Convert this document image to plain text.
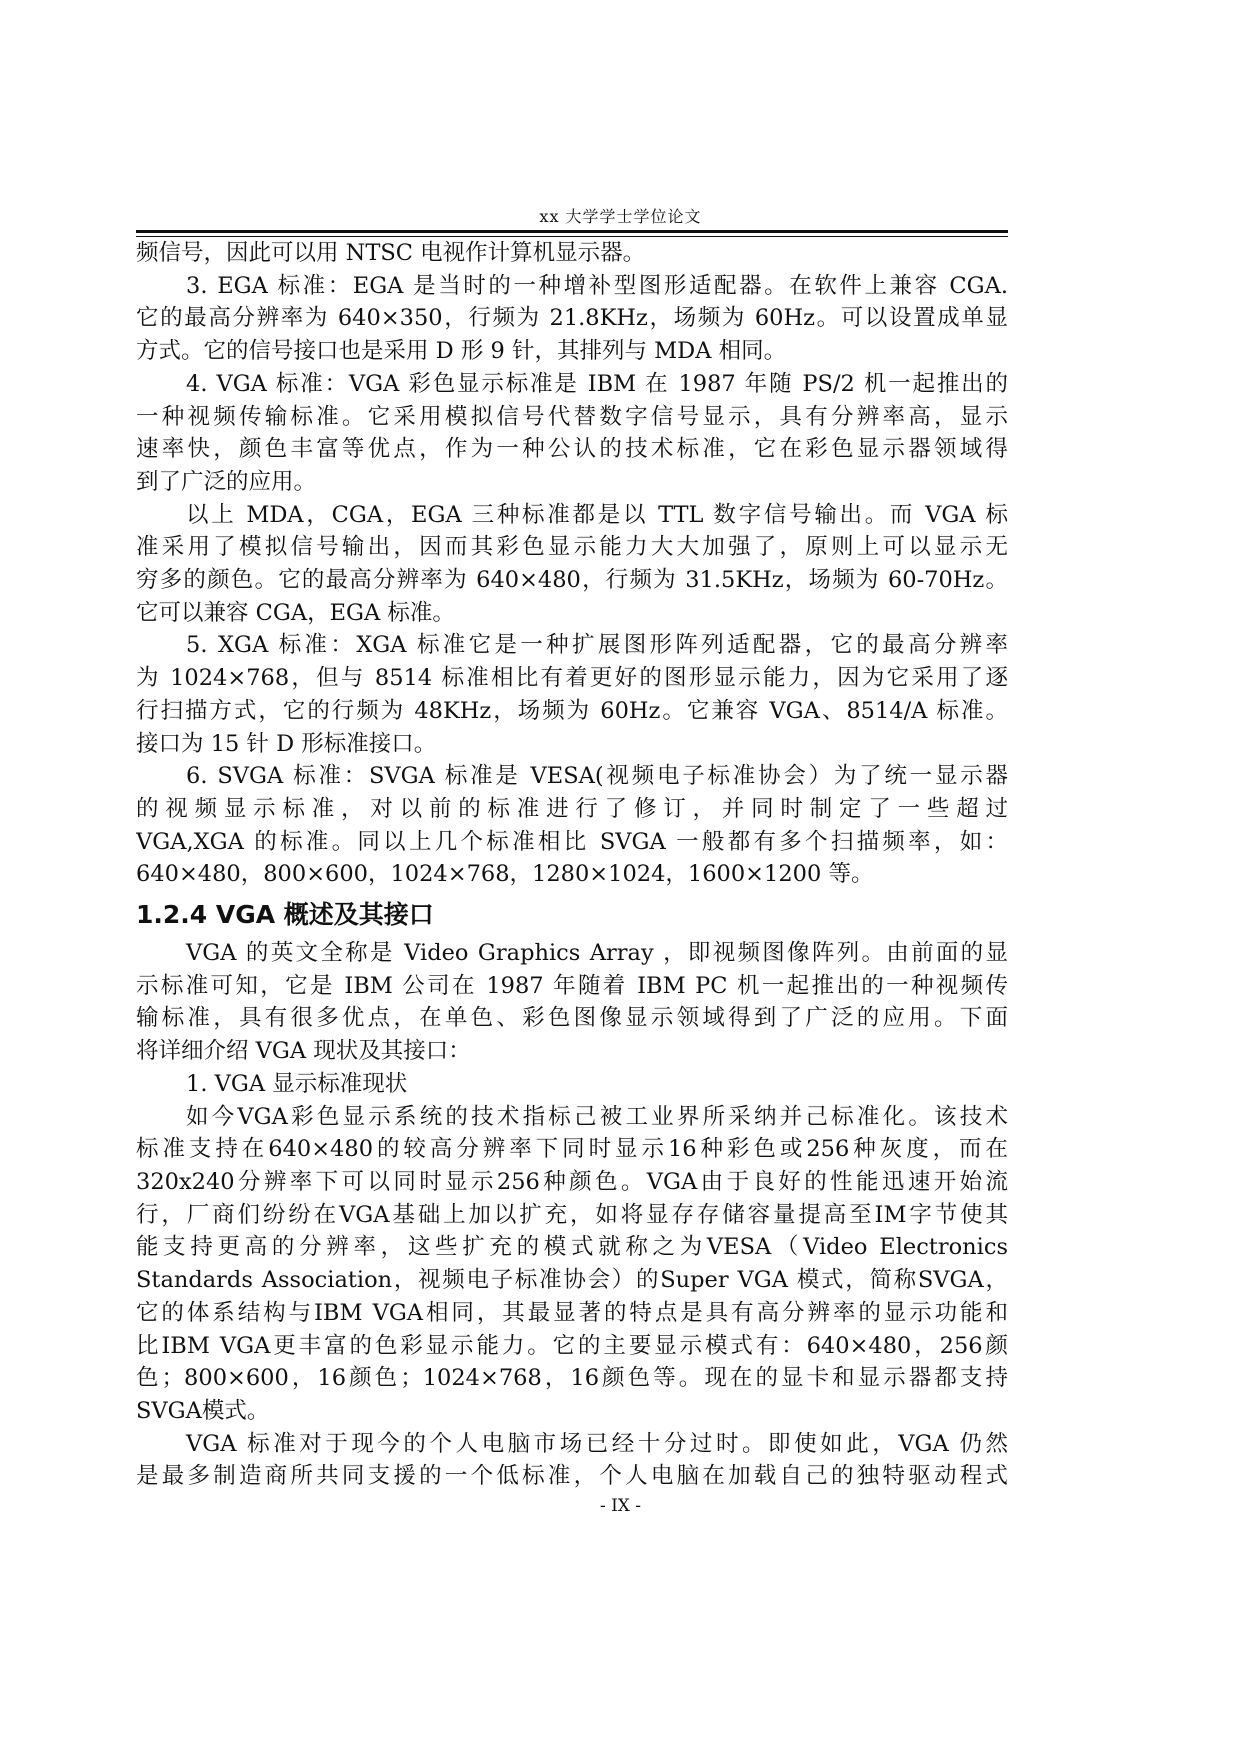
xx 大学学士学位论文
频信号，因此可以用 NTSC 电视作计算机显示器。
3. EGA 标准：EGA 是当时的一种增补型图形适配器。在软件上兼容 CGA.
它的最高分辨率为 640×350，行频为 21.8KHz，场频为 60Hz。可以设置成单显
方式。它的信号接口也是采用 D 形 9 针，其排列与 MDA 相同。
4. VGA 标准：VGA 彩色显示标准是 IBM 在 1987 年随 PS/2 机一起推出的
一种视频传输标准。它采用模拟信号代替数字信号显示，具有分辨率高，显示
速率快，颜色丰富等优点，作为一种公认的技术标准，它在彩色显示器领域得
到了广泛的应用。
以上 MDA，CGA，EGA 三种标准都是以 TTL 数字信号输出。而 VGA 标
准采用了模拟信号输出，因而其彩色显示能力大大加强了，原则上可以显示无
穷多的颜色。它的最高分辨率为 640×480，行频为 31.5KHz，场频为 60-70Hz。
它可以兼容 CGA，EGA 标准。
5. XGA 标准：XGA 标准它是一种扩展图形阵列适配器，它的最高分辨率
为 1024×768，但与 8514 标准相比有着更好的图形显示能力，因为它采用了逐
行扫描方式，它的行频为 48KHz，场频为 60Hz。它兼容 VGA、8514/A 标准。
接口为 15 针 D 形标准接口。
6. SVGA 标准：SVGA 标准是 VESA(视频电子标准协会）为了统一显示器
的视频显示标准，对以前的标准进行了修订，并同时制定了一些超过
VGA,XGA 的标准。同以上几个标准相比 SVGA 一般都有多个扫描频率，如：
640×480，800×600，1024×768，1280×1024，1600×1200 等。
1.2.4 VGA 概述及其接口
VGA 的英文全称是 Video Graphics Array ，即视频图像阵列。由前面的显
示标准可知，它是 IBM 公司在 1987 年随着 IBM PC 机一起推出的一种视频传
输标准，具有很多优点，在单色、彩色图像显示领域得到了广泛的应用。下面
将详细介绍 VGA 现状及其接口：
1. VGA 显示标准现状
如今VGA彩色显示系统的技术指标己被工业界所采纳并己标准化。该技术
标准支持在640×480的较高分辨率下同时显示16种彩色或256种灰度，而在
320x240分辨率下可以同时显示256种颜色。VGA由于良好的性能迅速开始流
行，厂商们纷纷在VGA基础上加以扩充，如将显存存储容量提高至IM字节使其
能支持更高的分辨率，这些扩充的模式就称之为VESA（Video Electronics
Standards Association，视频电子标准协会）的Super VGA 模式，简称SVGA，
它的体系结构与IBM VGA相同，其最显著的特点是具有高分辨率的显示功能和
比IBM VGA更丰富的色彩显示能力。它的主要显示模式有：640×480，256颜
色；800×600，16颜色；1024×768，16颜色等。现在的显卡和显示器都支持
SVGA模式。
VGA 标准对于现今的个人电脑市场已经十分过时。即使如此，VGA 仍然
是最多制造商所共同支援的一个低标准，个人电脑在加载自己的独特驱动程式
- IX -
